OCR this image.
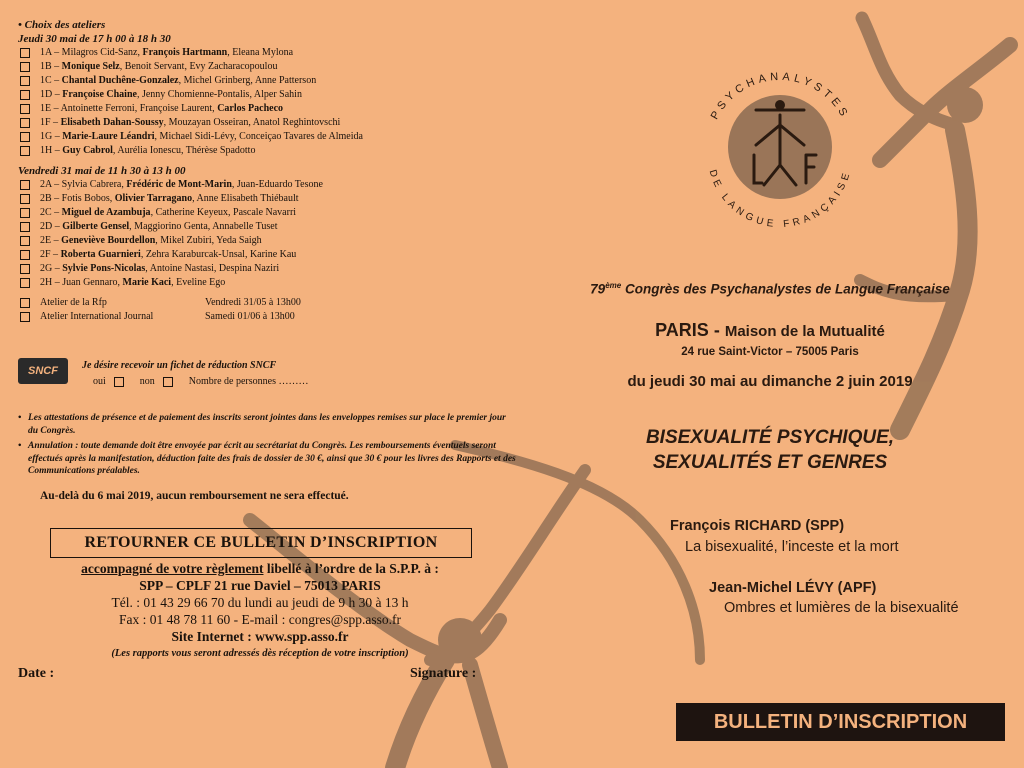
• Choix des ateliers
Jeudi 30 mai de 17 h 00 à 18 h 30
1A – Milagros Cid-Sanz, François Hartmann, Eleana Mylona
1B – Monique Selz, Benoit Servant, Evy Zacharacopoulou
1C – Chantal Duchêne-Gonzalez, Michel Grinberg, Anne Patterson
1D – Françoise Chaine, Jenny Chomienne-Pontalis, Alper Sahin
1E – Antoinette Ferroni, Françoise Laurent, Carlos Pacheco
1F – Elisabeth Dahan-Soussy, Mouzayan Osseiran, Anatol Reghintovschi
1G – Marie-Laure Léandri, Michael Sidi-Lévy, Conceiçao Tavares de Almeida
1H – Guy Cabrol, Aurélia Ionescu, Thérèse Spadotto
Vendredi 31 mai de 11 h 30 à 13 h 00
2A – Sylvia Cabrera, Frédéric de Mont-Marin, Juan-Eduardo Tesone
2B – Fotis Bobos, Olivier Tarragano, Anne Elisabeth Thiébault
2C – Miguel de Azambuja, Catherine Keyeux, Pascale Navarri
2D – Gilberte Gensel, Maggiorino Genta, Annabelle Tuset
2E – Geneviève Bourdellon, Mikel Zubiri, Yeda Saigh
2F – Roberta Guarnieri, Zehra Karaburcak-Unsal, Karine Kau
2G – Sylvie Pons-Nicolas, Antoine Nastasi, Despina Naziri
2H – Juan Gennaro, Marie Kaci, Eveline Ego
Atelier de la Rfp	Vendredi 31/05 à 13h00
Atelier International Journal	Samedi 01/06 à 13h00
SNCF	Je désire recevoir un fichet de réduction SNCF
oui	non	Nombre de personnes ………

• Les attestations de présence et de paiement des inscrits seront jointes dans les enveloppes remises sur place le premier jour du Congrès.

• Annulation : toute demande doit être envoyée par écrit au secrétariat du Congrès. Les remboursements éventuels seront effectués après la manifestation, déduction faite des frais de dossier de 30 €, ainsi que 30 € pour les livres des Rapports et des Communications préalables.

Au-delà du 6 mai 2019, aucun remboursement ne sera effectué.
RETOURNER CE BULLETIN D’INSCRIPTION
accompagné de votre règlement libellé à l’ordre de la S.P.P. à :
SPP – CPLF 21 rue Daviel – 75013 PARIS
Tél. : 01 43 29 66 70 du lundi au jeudi de 9 h 30 à 13 h
Fax : 01 48 78 11 60 - E-mail : congres@spp.asso.fr
Site Internet : www.spp.asso.fr
(Les rapports vous seront adressés dès réception de votre inscription)
Date :	Signature :
PSYCHANALYSTES
DE LANGUE FRANÇAISE
79ème Congrès des Psychanalystes de Langue Française
PARIS - Maison de la Mutualité
24 rue Saint-Victor – 75005 Paris
du jeudi 30 mai au dimanche 2 juin 2019
BISEXUALITÉ PSYCHIQUE,
SEXUALITÉS ET GENRES
François RICHARD (SPP)
La bisexualité, l’inceste et la mort
Jean-Michel LÉVY (APF)
Ombres et lumières de la bisexualité
BULLETIN D’INSCRIPTION
